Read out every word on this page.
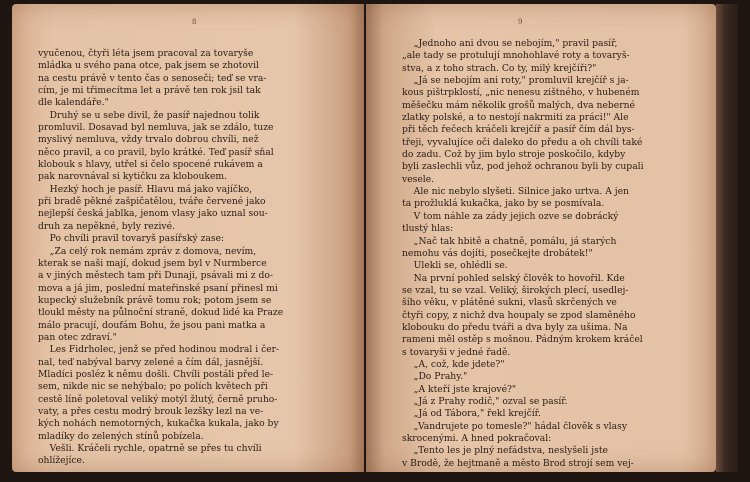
8

vyučenou, čtyři léta jsem pracoval za tovaryše

mládka u svého pana otce, pak jsem se zhotovil

na cestu právě v tento čas o senoseči; teď se vra-

cím, je mi třimecítma let a právě ten rok jsil tak

dle kalendáře."

Druhý se u sebe divil, že pasíř najednou tolik

promluvil. Dosavad byl nemluva, jak se zdálo, tuze

myslivý nemluva, vždy trvalo dobrou chvíli, než

něco pravil, a co pravil, bylo krátké. Teď pasíř sňal

klobouk s hlavy, utřel si čelo spocené rukávem a

pak narovnával si kytičku za kloboukem.

Hezký hoch je pasíř. Hlavu má jako vajíčko,

při bradě pěkné zašpičatělou, tváře červené jako

nejlepší česká jablka, jenom vlasy jako uznal sou-

druh za nepěkné, byly rezivé.

Po chvíli pravil tovaryš pasířský zase:

„Za celý rok nemám zpráv z domova, nevím,

kterak se naši mají, dokud jsem byl v Nurmberce

a v jiných městech tam při Dunaji, psávali mi z do-

mova a já jim, poslední mateřinské psaní přinesl mi

kupecký služebník právě tomu rok; potom jsem se

tloukl městy na půlnoční straně, dokud lidé ka Praze

málo pracují, doufám Bohu, že jsou pani matka a

pan otec zdraví."

Les Fidrholec, jenž se před hodinou modral i čer-

nal, teď nabýval barvy zelené a čím dál, jasnější.

Mladíci posléz k němu došli. Chvíli postáli před le-

sem, nikde nic se nehýbalo; po polích květech při

cestě líně poletoval veliký motýl žlutý, černě pruho-

vaty, a přes cestu modrý brouk lezšky lezl na ve-

kých nohách nemotorných, kukačka kukala, jako by

mladíky do zelených stínů pobízela.

Vešli. Kráčeli rychle, opatrně se přes tu chvíli

ohlížejíce.

9

„Jednoho ani dvou se nebojím," pravil pasíř,

„ale tady se protulují mnohohlavé roty a tovaryš-

stva, a z toho strach. Co ty, milý krejčíři?"

„Já se nebojím ani roty," promluvil krejčíř s ja-

kous pištrpklostí, „nic nenesu zištného, v hubeném

měšečku mám několik grošů malých, dva neberné

zlatky polské, a to nestojí nakrmiti za práci!" Ale

při těch řečech kráčeli krejčíř a pasíř čím dál bys-

třeji, vyvalujíce oči daleko do předu a oh chvíli také

do zadu. Což by jim bylo stroje poskočilo, kdyby

byli zaslechli vůz, pod jehož ochranou byli by cupali

vesele.

Ale nic nebylo slyšeti. Silnice jako urtva. A jen

ta prožluklá kukačka, jako by se posmívala.

V tom náhle za zády jejich ozve se dobrácký

tlustý hlas:

„Nač tak hbitě a chatně, pomálu, já starých

nemohu vás dojíti, posečkejte drobátek!"

Ulekli se, ohlédli se.

Na první pohled selský člověk to hovořil. Kde

se vzal, tu se vzal. Veliký, širokých plecí, usedlej-

šího věku, v plátěné sukni, vlasů skrčených ve

čtyři copy, z nichž dva houpaly se zpod slaměného

klobouku do předu tváři a dva byly za ušima. Na

rameni měl ostěp s mošnou. Pádným krokem kráčel

s tovaryši v jedné řadě.

„A, což, kde jdete?"

„Do Prahy."

„A kteří jste krajové?"

„Já z Prahy rodič," ozval se pasíř.

„Já od Tábora," řekl krejčíř.

„Vandrujete po tomesle?" hádal člověk s vlasy

skrocenými. A hned pokračoval:

„Tento les je plný nefádstva, neslyšeli jste

v Brodě, že hejtmaně a město Brod strojí sem vej-
